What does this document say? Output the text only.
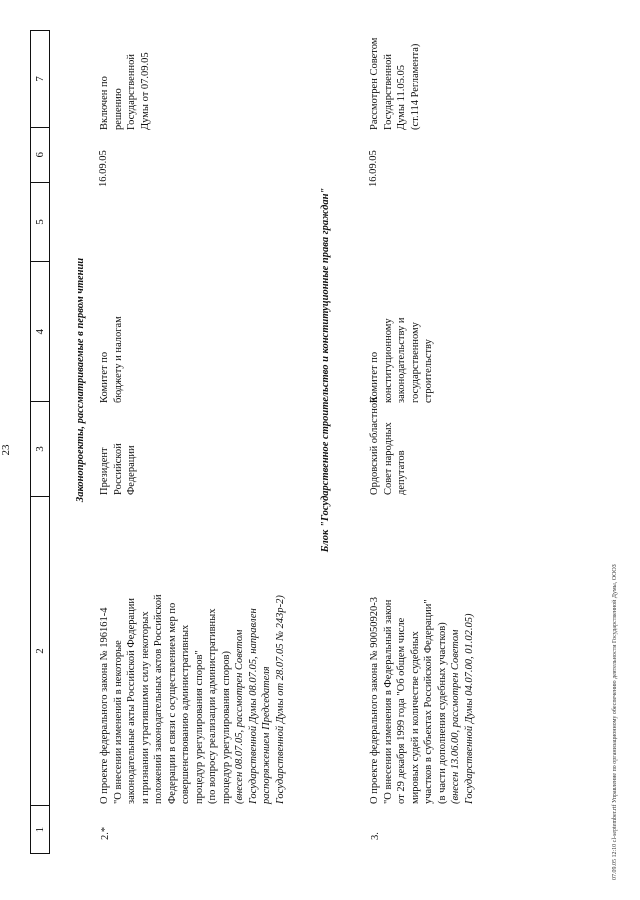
23
1
2
3
4
5
6
7
Законопроекты, рассматриваемые в первом чтении
2.*
О проекте федерального закона № 196161-4 "О внесении изменений в некоторые законодательные акты Российской Федерации и признании утратившими силу некоторых положений законодательных актов Российской Федерации в связи с осуществлением мер по совершенствованию административных процедур урегулирования споров" (по вопросу реализации административных процедур урегулирования споров) (внесен 08.07.05, рассмотрен Советом Государственной Думы 08.07.05, направлен распоряжением Председателя Государственной Думы от 28.07.05 № 243р-2)
Президент Российской Федерации
Комитет по бюджету и налогам
16.09.05
Включен по решению Государственной Думы от 07.09.05
Блок "Государственное строительство и конституционные права граждан"
3.
О проекте федерального закона № 90050920-3 "О внесении изменения в Федеральный закон от 29 декабря 1999 года "Об общем числе мировых судей и количестве судебных участков в субъектах Российской Федерации" (в части дополнения судебных участков) (внесен 13.06.00, рассмотрен Советом Государственной Думы 04.07.00, 01.02.05)
Ордовский областной Совет народных депутатов
Комитет по конституционному законодательству и государственному строительству
16.09.05
Рассмотрен Советом Государственной Думы 11.05.05 (ст.114 Регламента)
07.09.05 12:10 cl-september.rtf Управление по организационному обеспечению деятельности Государственной Думы, ОООЗ
